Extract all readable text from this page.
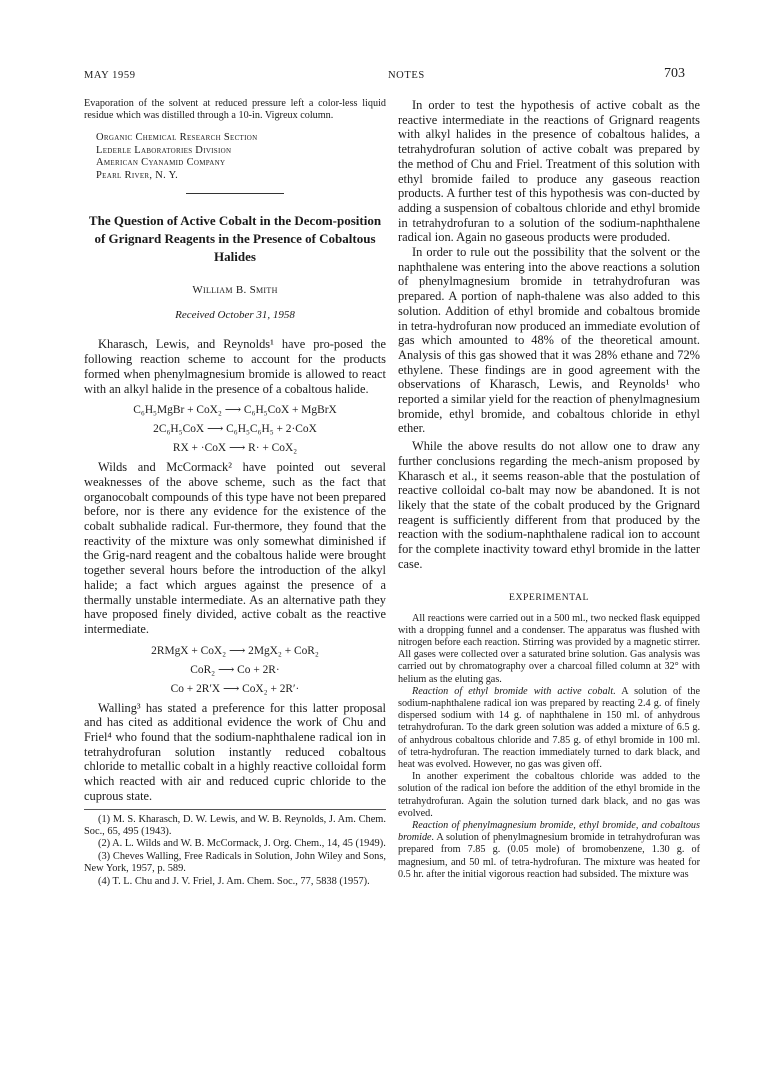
MAY 1959	NOTES	703

Evaporation of the solvent at reduced pressure left a color-less liquid residue which was distilled through a 10-in. Vigreux column.

Organic Chemical Research Section
Lederle Laboratories Division
American Cyanamid Company
Pearl River, N. Y.
The Question of Active Cobalt in the Decom-position of Grignard Reagents in the Presence of Cobaltous Halides
William B. Smith
Received October 31, 1958

Kharasch, Lewis, and Reynolds¹ have pro-posed the following reaction scheme to account for the products formed when phenylmagnesium bromide is allowed to react with an alkyl halide in the presence of a cobaltous halide.

C₆H₅MgBr + CoX₂ ⟶ C₆H₅CoX + MgBrX
2C₆H₅CoX ⟶ C₆H₅C₆H₅ + 2·CoX
RX + ·CoX ⟶ R· + CoX₂

Wilds and McCormack² have pointed out several weaknesses of the above scheme, such as the fact that organocobalt compounds of this type have not been prepared before, nor is there any evidence for the existence of the cobalt subhalide radical. Fur-thermore, they found that the reactivity of the mixture was only somewhat diminished if the Grig-nard reagent and the cobaltous halide were brought together several hours before the introduction of the alkyl halide; a fact which argues against the presence of a thermally unstable intermediate. As an alternative path they have proposed finely divided, active cobalt as the reactive intermediate.

2RMgX + CoX₂ ⟶ 2MgX₂ + CoR₂
CoR₂ ⟶ Co + 2R·
Co + 2R′X ⟶ CoX₂ + 2R′·

Walling³ has stated a preference for this latter proposal and has cited as additional evidence the work of Chu and Friel⁴ who found that the sodium-naphthalene radical ion in tetrahydrofuran solution instantly reduced cobaltous chloride to metallic cobalt in a highly reactive colloidal form which reacted with air and reduced cupric chloride to the cuprous state.

(1) M. S. Kharasch, D. W. Lewis, and W. B. Reynolds, J. Am. Chem. Soc., 65, 495 (1943).

(2) A. L. Wilds and W. B. McCormack, J. Org. Chem., 14, 45 (1949).

(3) Cheves Walling, Free Radicals in Solution, John Wiley and Sons, New York, 1957, p. 589.

(4) T. L. Chu and J. V. Friel, J. Am. Chem. Soc., 77, 5838 (1957).

In order to test the hypothesis of active cobalt as the reactive intermediate in the reactions of Grignard reagents with alkyl halides in the presence of cobaltous halides, a tetrahydrofuran solution of active cobalt was prepared by the method of Chu and Friel. Treatment of this solution with ethyl bromide failed to produce any gaseous reaction products. A further test of this hypothesis was con-ducted by adding a suspension of cobaltous chloride and ethyl bromide in tetrahydrofuran to a solution of the sodium-naphthalene radical ion. Again no gaseous products were produded.

In order to rule out the possibility that the solvent or the naphthalene was entering into the above reactions a solution of phenylmagnesium bromide in tetrahydrofuran was prepared. A portion of naph-thalene was also added to this solution. Addition of ethyl bromide and cobaltous bromide in tetra-hydrofuran now produced an immediate evolution of gas which amounted to 48% of the theoretical amount. Analysis of this gas showed that it was 28% ethane and 72% ethylene. These findings are in good agreement with the observations of Kharasch, Lewis, and Reynolds¹ who reported a similar yield for the reaction of phenylmagnesium bromide, ethyl bromide, and cobaltous chloride in ethyl ether.

While the above results do not allow one to draw any further conclusions regarding the mech-anism proposed by Kharasch et al., it seems reason-able that the postulation of reactive colloidal co-balt may now be abandoned. It is not likely that the state of the cobalt produced by the Grignard reagent is sufficiently different from that produced by the reaction with the sodium-naphthalene radical ion to account for the complete inactivity toward ethyl bromide in the latter case.

EXPERIMENTAL

All reactions were carried out in a 500 ml., two necked flask equipped with a dropping funnel and a condenser. The apparatus was flushed with nitrogen before each reaction. Stirring was provided by a magnetic stirrer. All gases were collected over a saturated brine solution. Gas analysis was carried out by chromatography over a charcoal filled column at 32° with helium as the eluting gas.

Reaction of ethyl bromide with active cobalt. A solution of the sodium-naphthalene radical ion was prepared by reacting 2.4 g. of finely dispersed sodium with 14 g. of naphthalene in 150 ml. of anhydrous tetrahydrofuran. To the dark green solution was added a mixture of 6.5 g. of anhydrous cobaltous chloride and 7.85 g. of ethyl bromide in 100 ml. of tetra-hydrofuran. The reaction immediately turned to dark black, and heat was evolved. However, no gas was given off.

In another experiment the cobaltous chloride was added to the solution of the radical ion before the addition of the ethyl bromide in the tetrahydrofuran. Again the solution turned dark black, and no gas was evolved.

Reaction of phenylmagnesium bromide, ethyl bromide, and cobaltous bromide. A solution of phenylmagnesium bromide in tetrahydrofuran was prepared from 7.85 g. (0.05 mole) of bromobenzene, 1.30 g. of magnesium, and 50 ml. of tetra-hydrofuran. The mixture was heated for 0.5 hr. after the initial vigorous reaction had subsided. The mixture was
